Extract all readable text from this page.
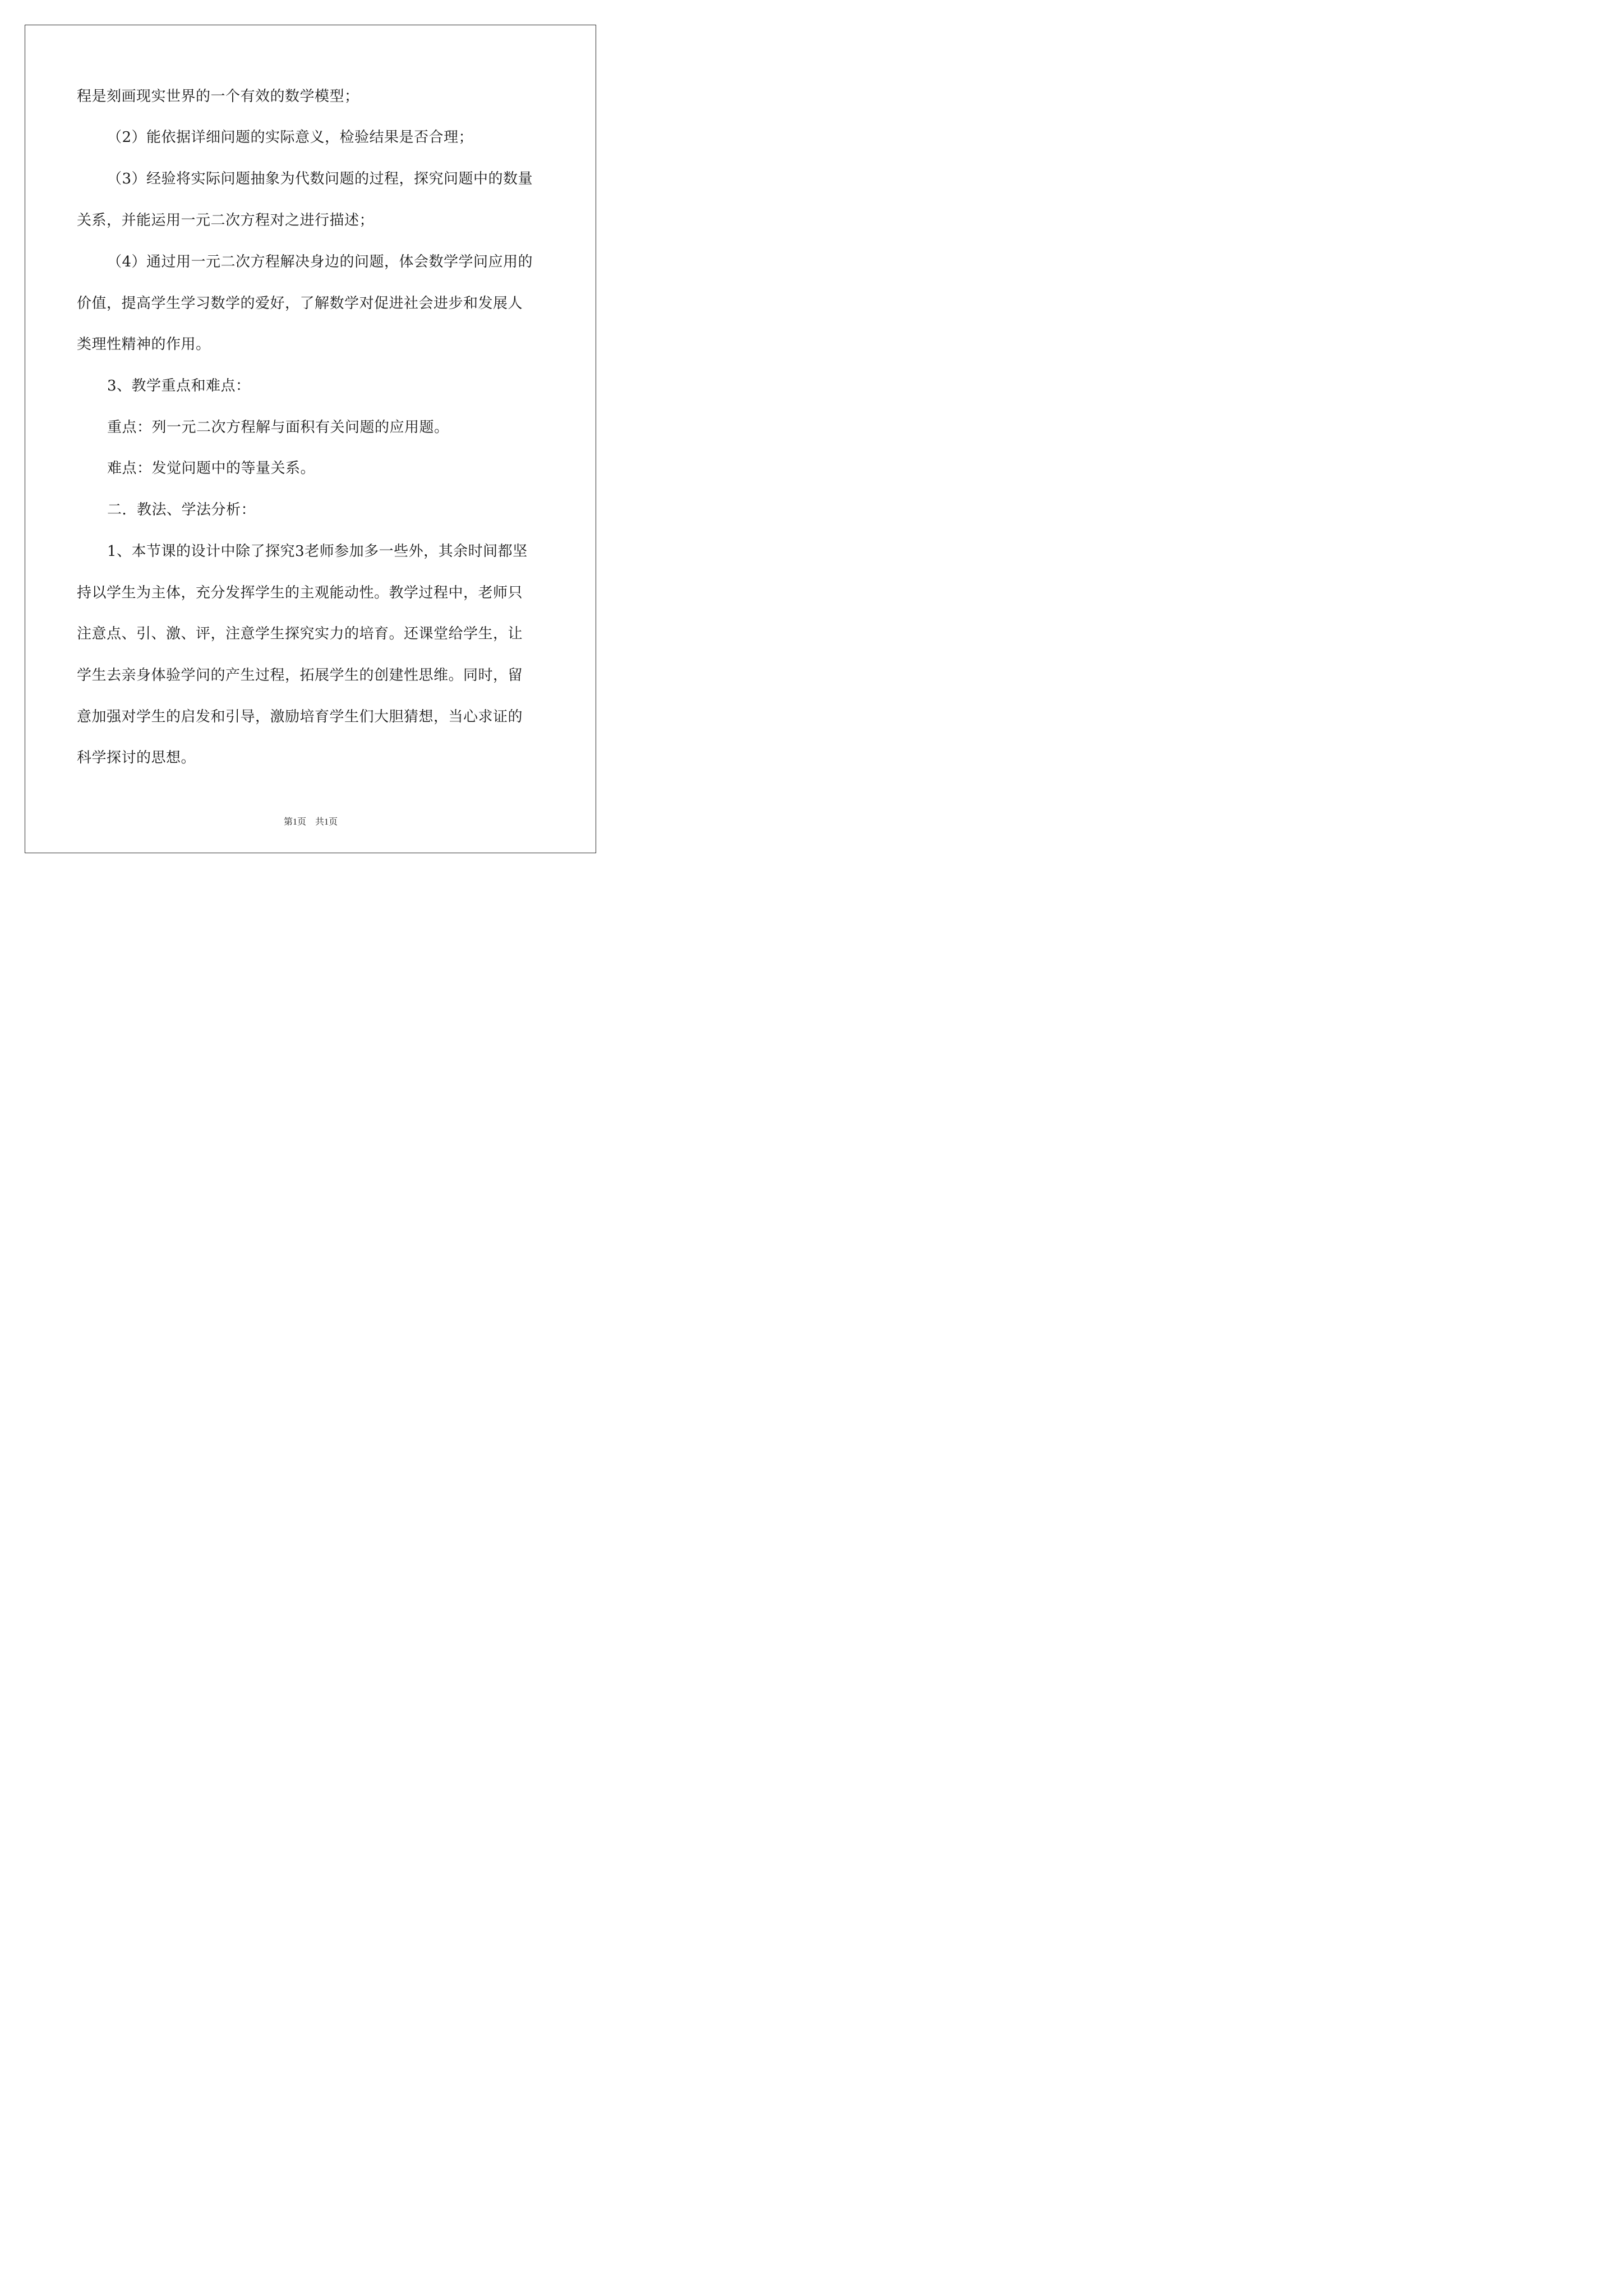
程是刻画现实世界的一个有效的数学模型；
（2）能依据详细问题的实际意义，检验结果是否合理；
（3）经验将实际问题抽象为代数问题的过程，探究问题中的数量
关系，并能运用一元二次方程对之进行描述；
（4）通过用一元二次方程解决身边的问题，体会数学学问应用的
价值，提高学生学习数学的爱好，了解数学对促进社会进步和发展人
类理性精神的作用。
3、教学重点和难点：
重点：列一元二次方程解与面积有关问题的应用题。
难点：发觉问题中的等量关系。
二．教法、学法分析：
1、本节课的设计中除了探究3老师参加多一些外，其余时间都坚
持以学生为主体，充分发挥学生的主观能动性。教学过程中，老师只
注意点、引、激、评，注意学生探究实力的培育。还课堂给学生，让
学生去亲身体验学问的产生过程，拓展学生的创建性思维。同时，留
意加强对学生的启发和引导，激励培育学生们大胆猜想，当心求证的
科学探讨的思想。
第1页　共1页
